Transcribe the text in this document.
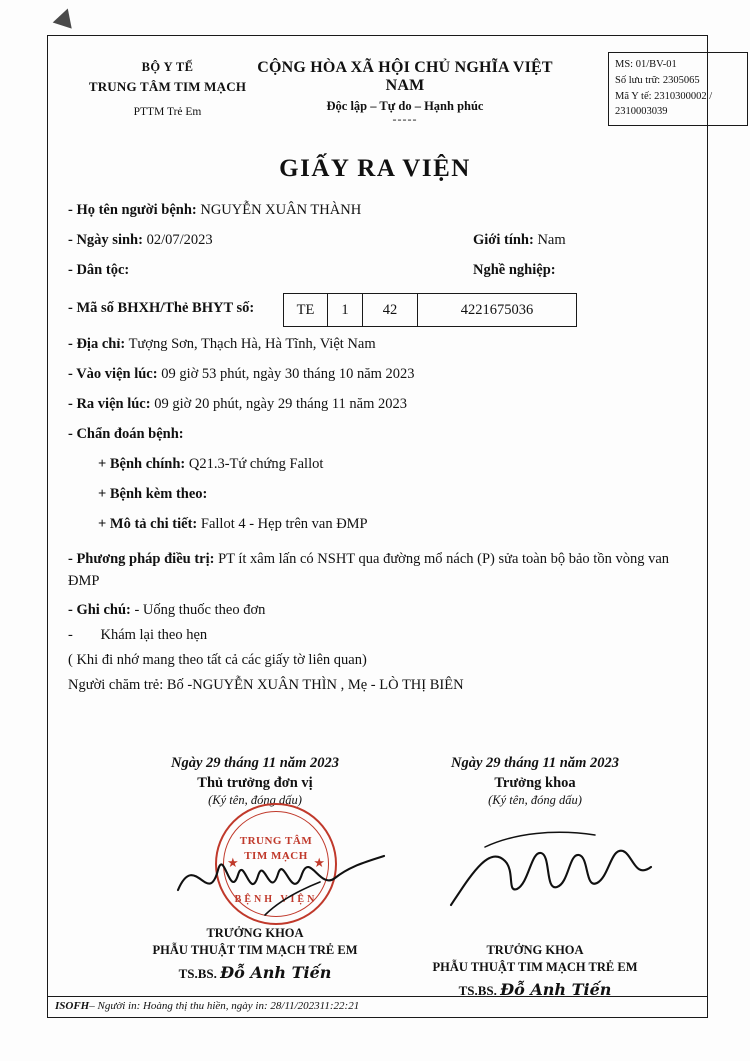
BỘ Y TẾ
TRUNG TÂM TIM MẠCH
PTTM Trẻ Em
CỘNG HÒA XÃ HỘI CHỦ NGHĨA VIỆT NAM
Độc lập – Tự do – Hạnh phúc
-----
MS: 01/BV-01
Số lưu trữ: 2305065
Mã Y tế: 2310300002 / 2310003039
GIẤY RA VIỆN
- Họ tên người bệnh: NGUYỄN XUÂN THÀNH
- Ngày sinh: 02/07/2023	Giới tính: Nam
- Dân tộc:	Nghề nghiệp:
- Mã số BHXH/Thẻ BHYT số:	TE	1	42	4221675036
- Địa chỉ: Tượng Sơn, Thạch Hà, Hà Tĩnh, Việt Nam
- Vào viện lúc: 09 giờ 53 phút, ngày 30 tháng 10 năm 2023
- Ra viện lúc: 09 giờ 20 phút, ngày 29 tháng 11 năm 2023
- Chẩn đoán bệnh:
+ Bệnh chính: Q21.3-Tứ chứng Fallot
+ Bệnh kèm theo:
+ Mô tả chi tiết: Fallot 4 - Hẹp trên van ĐMP
- Phương pháp điều trị: PT ít xâm lấn có NSHT qua đường mổ nách (P) sửa toàn bộ bảo tồn vòng van ĐMP
- Ghi chú: - Uống thuốc theo đơn
- Khám lại theo hẹn
( Khi đi nhớ mang theo tất cả các giấy tờ liên quan)
Người chăm trẻ: Bố -NGUYỄN XUÂN THÌN , Mẹ - LÒ THỊ BIÊN
Ngày 29 tháng 11 năm 2023
Thủ trưởng đơn vị
(Ký tên, đóng dấu)
★	★
TRUNG TÂM
TIM MẠCH
BỆNH VIỆN
TRƯỞNG KHOA
PHẪU THUẬT TIM MẠCH TRẺ EM
TS.BS. Đỗ Anh Tiến
Ngày 29 tháng 11 năm 2023
Trưởng khoa
(Ký tên, đóng dấu)
TRƯỞNG KHOA
PHẪU THUẬT TIM MẠCH TRẺ EM
TS.BS. Đỗ Anh Tiến
ISOFH– Người in: Hoàng thị thu hiền, ngày in: 28/11/202311:22:21
